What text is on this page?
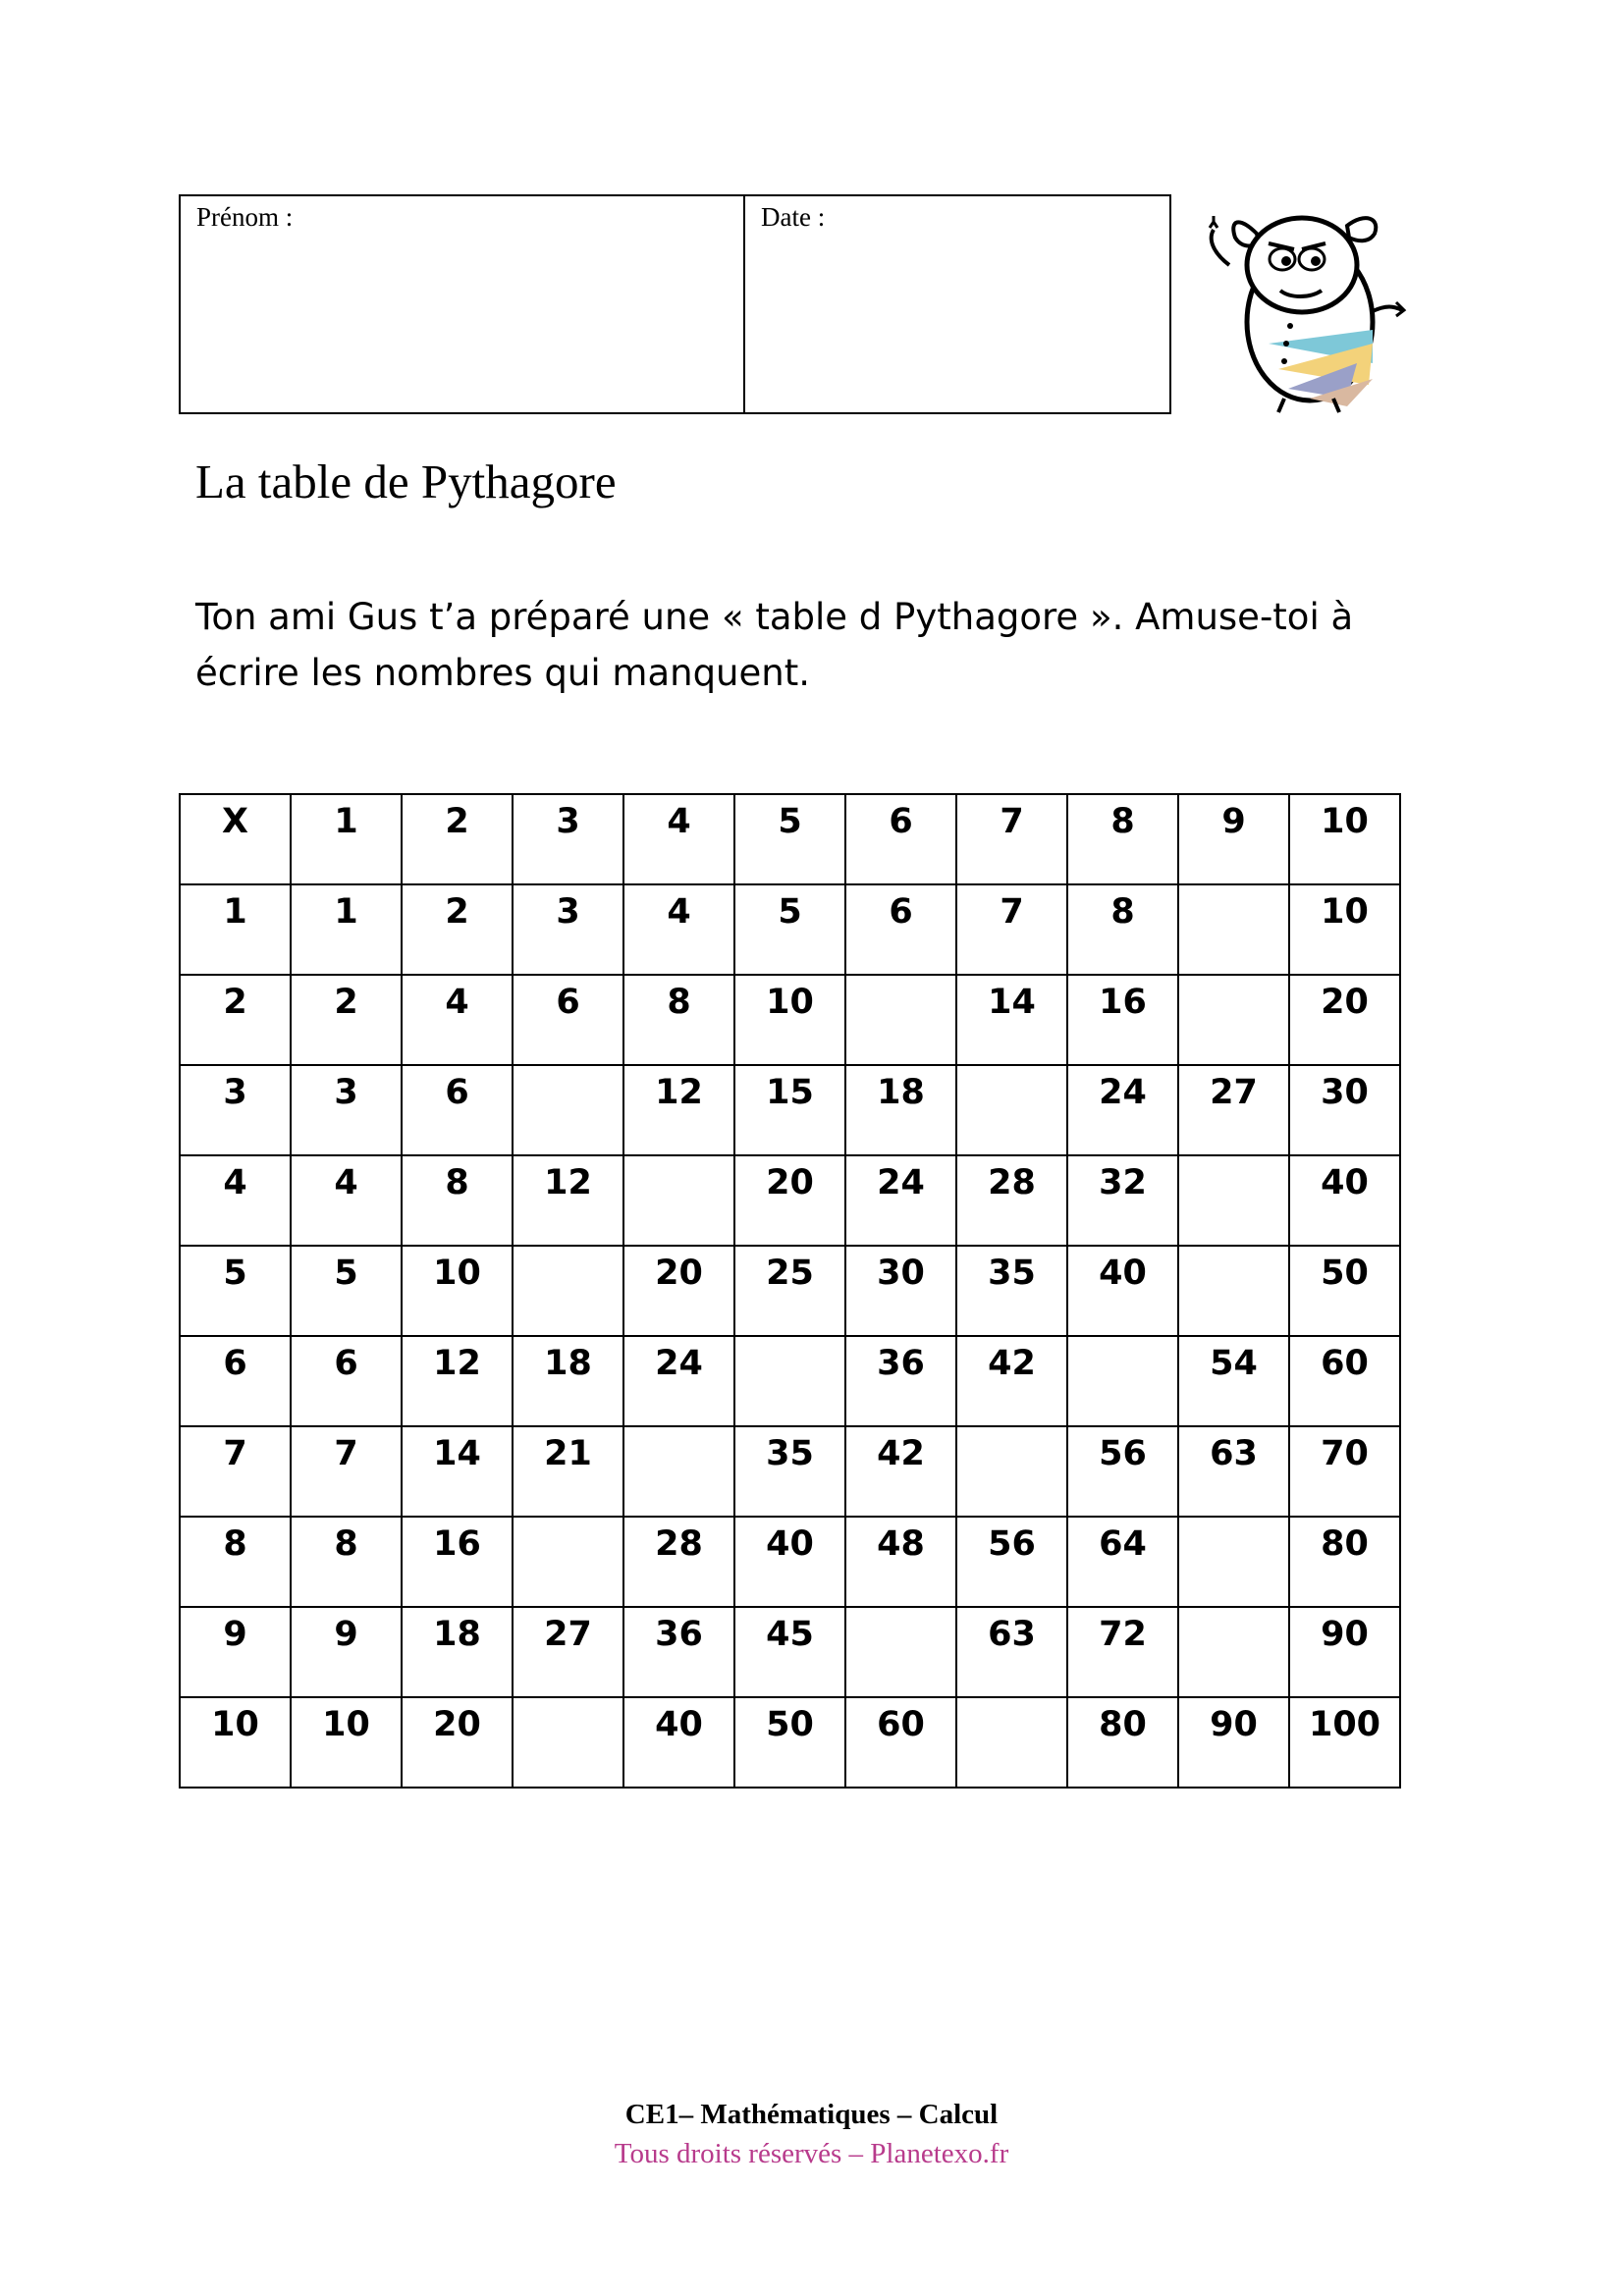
Prénom :	Date :
La table de Pythagore
Ton ami Gus t’a préparé une « table d Pythagore ». Amuse-toi à écrire les nombres qui manquent.
X	1	2	3	4	5	6	7	8	9	10
1	1	2	3	4	5	6	7	8		10
2	2	4	6	8	10		14	16		20
3	3	6		12	15	18		24	27	30
4	4	8	12		20	24	28	32		40
5	5	10		20	25	30	35	40		50
6	6	12	18	24		36	42		54	60
7	7	14	21		35	42		56	63	70
8	8	16		28	40	48	56	64		80
9	9	18	27	36	45		63	72		90
10	10	20		40	50	60		80	90	100
CE1– Mathématiques – Calcul
Tous droits réservés – Planetexo.fr
